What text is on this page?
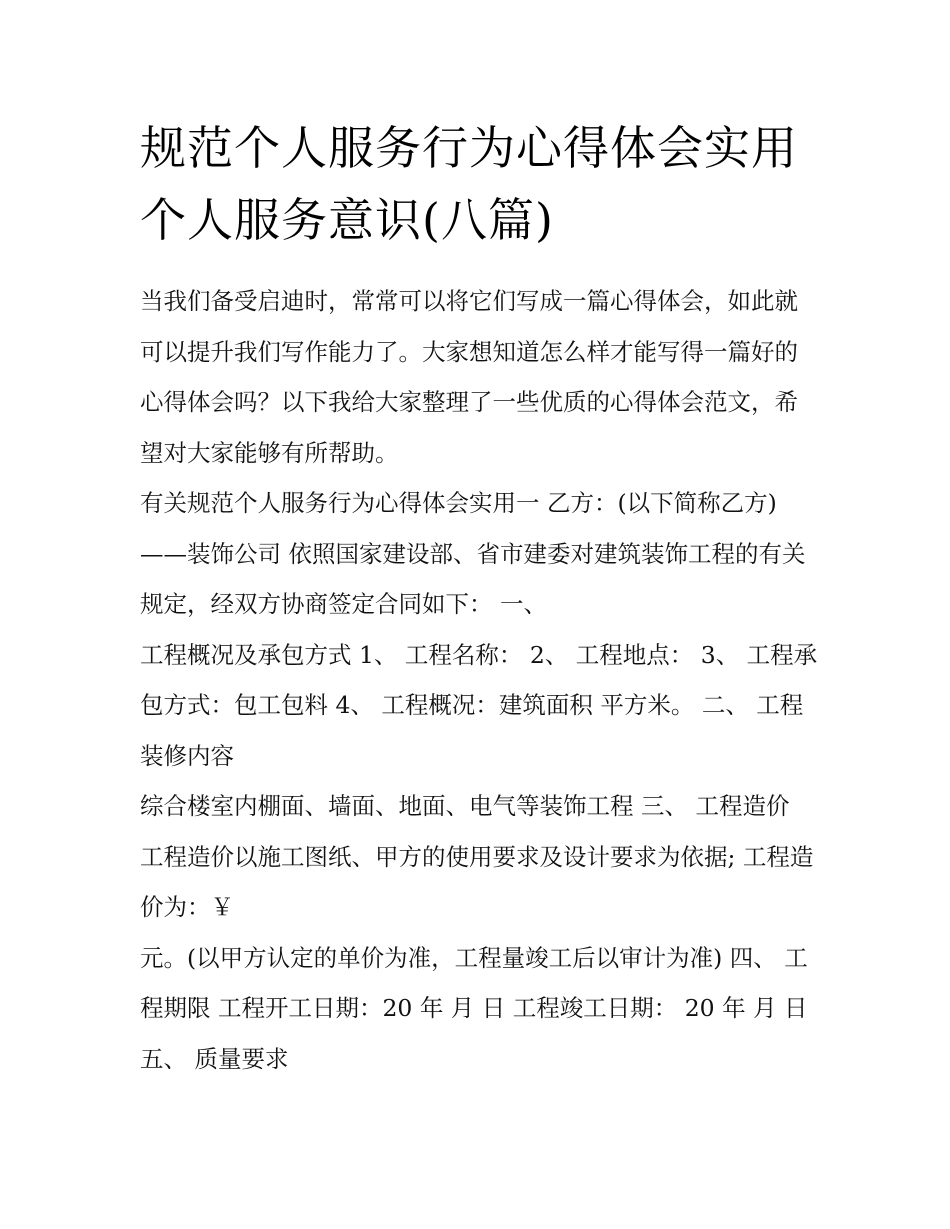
规范个人服务行为心得体会实用 个人服务意识(八篇)

当我们备受启迪时，常常可以将它们写成一篇心得体会，如此就可以提升我们写作能力了。大家想知道怎么样才能写得一篇好的心得体会吗？以下我给大家整理了一些优质的心得体会范文，希望对大家能够有所帮助。

有关规范个人服务行为心得体会实用一 乙方：(以下简称乙方)——装饰公司 依照国家建设部、省市建委对建筑装饰工程的有关规定，经双方协商签定合同如下： 一、

工程概况及承包方式 1、 工程名称： 2、 工程地点： 3、 工程承包方式：包工包料 4、 工程概况：建筑面积 平方米。 二、 工程装修内容

综合楼室内棚面、墙面、地面、电气等装饰工程 三、 工程造价 工程造价以施工图纸、甲方的使用要求及设计要求为依据; 工程造价为：￥

元。(以甲方认定的单价为准，工程量竣工后以审计为准) 四、 工程期限 工程开工日期：20 年 月 日 工程竣工日期： 20 年 月 日 五、 质量要求
